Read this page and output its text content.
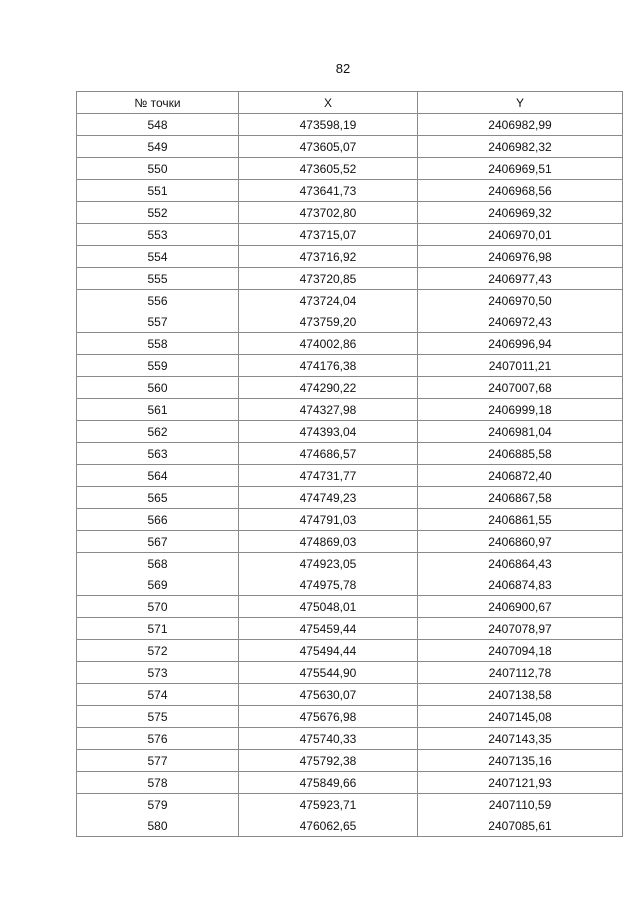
82
№ точки	X	Y
548	473598,19	2406982,99
549	473605,07	2406982,32
550	473605,52	2406969,51
551	473641,73	2406968,56
552	473702,80	2406969,32
553	473715,07	2406970,01
554	473716,92	2406976,98
555	473720,85	2406977,43
556	473724,04	2406970,50
557	473759,20	2406972,43
558	474002,86	2406996,94
559	474176,38	2407011,21
560	474290,22	2407007,68
561	474327,98	2406999,18
562	474393,04	2406981,04
563	474686,57	2406885,58
564	474731,77	2406872,40
565	474749,23	2406867,58
566	474791,03	2406861,55
567	474869,03	2406860,97
568	474923,05	2406864,43
569	474975,78	2406874,83
570	475048,01	2406900,67
571	475459,44	2407078,97
572	475494,44	2407094,18
573	475544,90	2407112,78
574	475630,07	2407138,58
575	475676,98	2407145,08
576	475740,33	2407143,35
577	475792,38	2407135,16
578	475849,66	2407121,93
579	475923,71	2407110,59
580	476062,65	2407085,61
